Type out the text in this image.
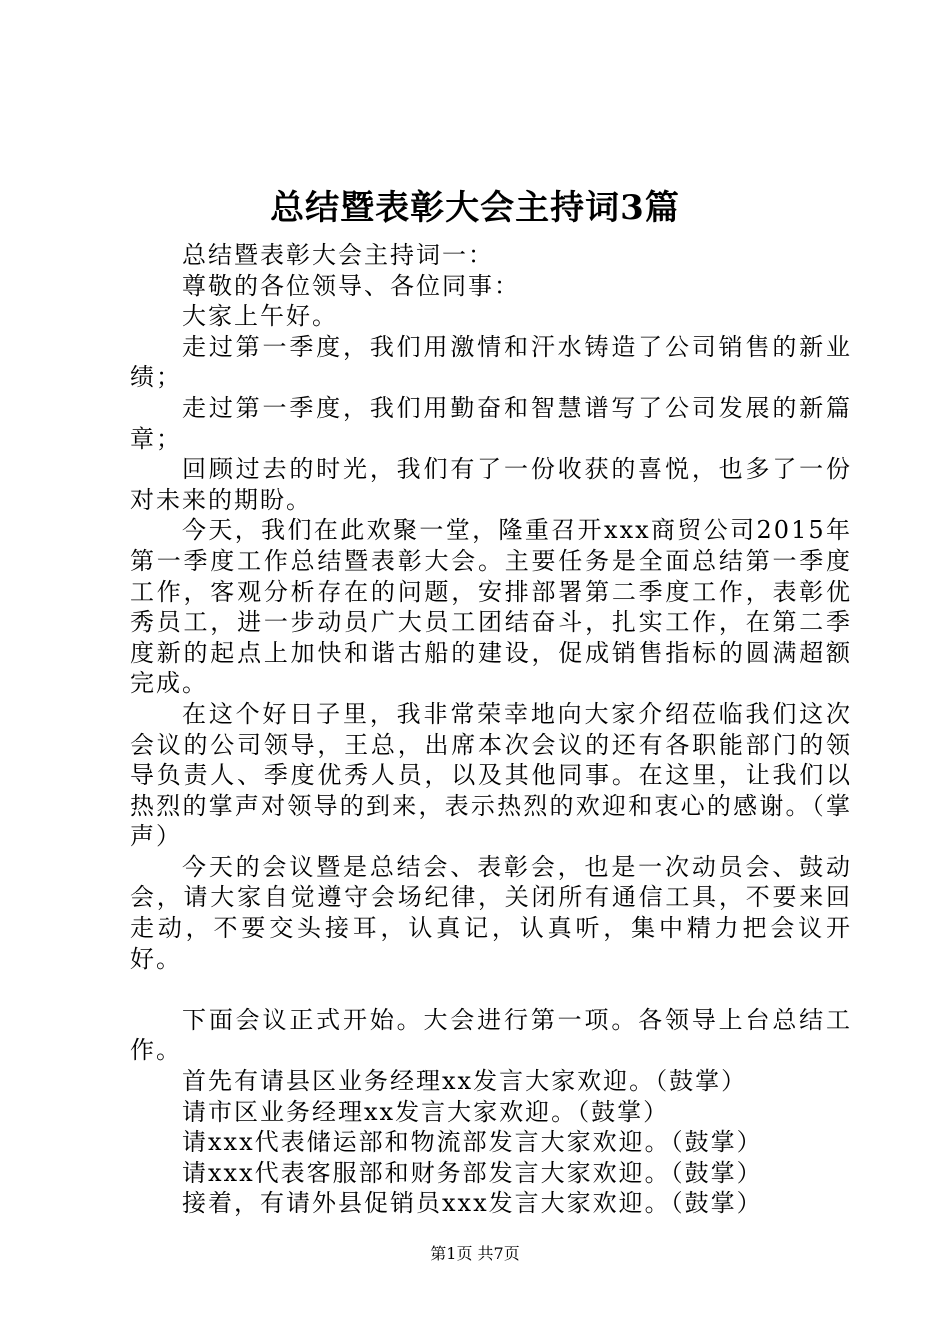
总结暨表彰大会主持词3篇

总结暨表彰大会主持词一：

尊敬的各位领导、各位同事：

大家上午好。

走过第一季度，我们用激情和汗水铸造了公司销售的新业绩；

走过第一季度，我们用勤奋和智慧谱写了公司发展的新篇章；

回顾过去的时光，我们有了一份收获的喜悦，也多了一份对未来的期盼。

今天，我们在此欢聚一堂，隆重召开xxx商贸公司2015年第一季度工作总结暨表彰大会。主要任务是全面总结第一季度工作，客观分析存在的问题，安排部署第二季度工作，表彰优秀员工，进一步动员广大员工团结奋斗，扎实工作，在第二季度新的起点上加快和谐古船的建设，促成销售指标的圆满超额完成。

在这个好日子里，我非常荣幸地向大家介绍莅临我们这次会议的公司领导，王总，出席本次会议的还有各职能部门的领导负责人、季度优秀人员，以及其他同事。在这里，让我们以热烈的掌声对领导的到来，表示热烈的欢迎和衷心的感谢。（掌声）

今天的会议暨是总结会、表彰会，也是一次动员会、鼓动会，请大家自觉遵守会场纪律，关闭所有通信工具，不要来回走动，不要交头接耳，认真记，认真听，集中精力把会议开好。

下面会议正式开始。大会进行第一项。各领导上台总结工作。

首先有请县区业务经理xx发言大家欢迎。（鼓掌）

请市区业务经理xx发言大家欢迎。（鼓掌）

请xxx代表储运部和物流部发言大家欢迎。（鼓掌）

请xxx代表客服部和财务部发言大家欢迎。（鼓掌）

接着，有请外县促销员xxx发言大家欢迎。（鼓掌）

第1页 共7页
